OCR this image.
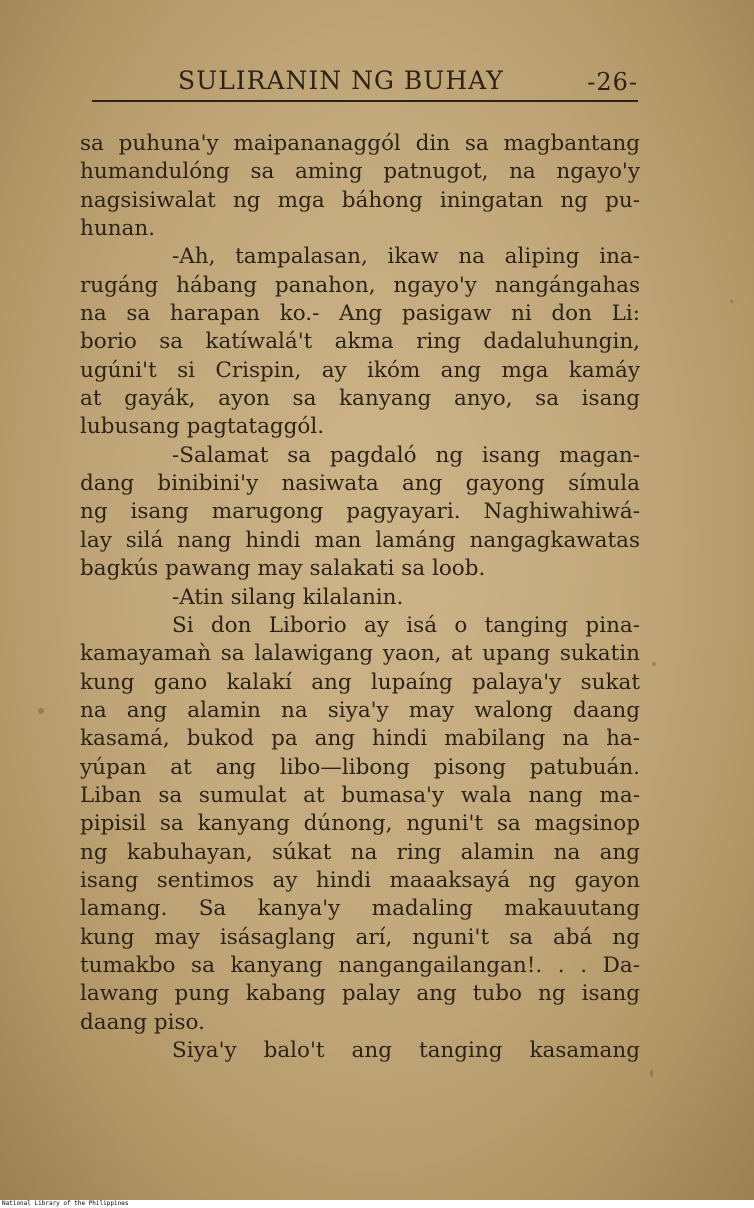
SULIRANIN NG BUHAY	-26-
sa puhuna'y maipananaggól din sa magbantang
humandulóng sa aming patnugot, na ngayo'y
nagsisiwalat ng mga báhong iningatan ng pu-
hunan.
-Ah, tampalasan, ikaw na aliping ina-
rugáng hábang panahon, ngayo'y nangángahas
na sa harapan ko.- Ang pasigaw ni don Li:
borio sa katíwalá't akma ring dadaluhungin,
ugúni't si Crispin, ay ikóm ang mga kamáy
at gayák, ayon sa kanyang anyo, sa isang
lubusang pagtataggól.
-Salamat sa pagdaló ng isang magan-
dang binibini'y nasiwata ang gayong símula
ng isang marugong pagyayari. Naghiwahiwá-
lay silá nang hindi man lamáng nangagkawatas
bagkús pawang may salakati sa loob.
-Atin silang kilalanin.
Si don Liborio ay isá o tanging pina-
kamayamaǹ sa lalawigang yaon, at upang sukatin
kung gano kalakí ang lupaíng palaya'y sukat
na ang alamin na siya'y may walong daang
kasamá, bukod pa ang hindi mabilang na ha-
yúpan at ang libo—libong pisong patubuán.
Liban sa sumulat at bumasa'y wala nang ma-
pipisil sa kanyang dúnong, nguni't sa magsinop
ng kabuhayan, súkat na ring alamin na ang
isang sentimos ay hindi maaaksayá ng gayon
lamang. Sa kanya'y madaling makauutang
kung may isásaglang arí, nguni't sa abá ng
tumakbo sa kanyang nangangailangan!. . . Da-
lawang pung kabang palay ang tubo ng isang
daang piso.
Siya'y balo't ang tanging kasamang
National Library of the Philippines
